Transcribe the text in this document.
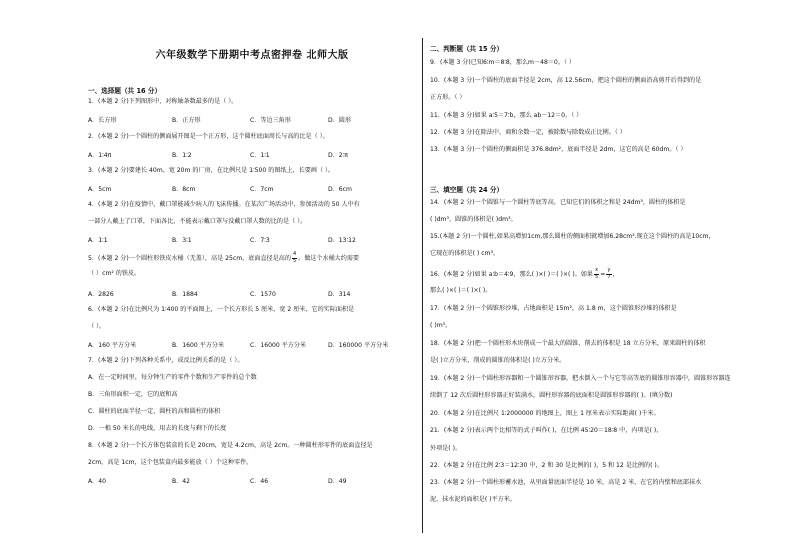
六年级数学下册期中考点密押卷 北师大版
一、选择题（共 16 分）
1．(本题 2 分)下列图形中，对称轴条数最多的是（ ）。
A．长方形	B．正方形	C．等边三角形	D．圆形
2．(本题 2 分)一个圆柱的侧面展开图是一个正方形，这个圆柱底面周长与高的比是（ ）。
A．1∶4π	B．1∶2	C．1∶1	D．2∶π
3．(本题 2 分)要建长 40m、宽 20m 的厂房，在比例尺是 1∶500 的图纸上，长要画（ ）。
A．5cm	B．8cm	C．7cm	D．6cm
4．(本题 2 分)在疫情中，戴口罩能减少病人的飞沫传播。在某次广场活动中，参加活动的 50 人中有
一部分人戴上了口罩，下面各比，不能表示戴口罩与没戴口罩人数的比的是（ ）。
A．1∶1	B．3∶1	C．7∶3	D．13∶12
5．(本题 2 分)一个圆柱形铁皮水桶（无盖），高是 25cm，底面直径是高的 $\frac{4}{5}$ 。做这个水桶大约需要
（ ）cm² 的铁皮。
A．2826	B．1884	C．1570	D．314
6．(本题 2 分)在比例尺为 1∶400 的平面图上，一个长方形长 5 厘米，宽 2 厘米，它的实际面积是
（ ）。
A．160 平方分米	B．1600 平方分米	C．16000 平方分米	D．160000 平方分米
7．(本题 2 分)下列各种关系中，成反比例关系的是（ ）。
A．在一定时间里，每分钟生产的零件个数和生产零件的总个数
B．三角形面积一定，它的底和高
C．圆柱的底面半径一定，圆柱的高和圆柱的体积
D．一根 50 米长的电线，用去的长度与剩下的长度
8．(本题 2 分)一个长方体包装盒的长是 20cm，宽是 4.2cm，高是 2cm。一种圆柱形零件的底面直径是
2cm，高是 1cm，这个包装盒内最多能放（ ）个这种零件。
A．40	B．42	C．46	D．49
二、判断题（共 15 分）
9．(本题 3 分)已知6∶m＝8∶8，那么m－48＝0。（ ）
10．(本题 3 分)一个圆柱的底面半径是 2cm，高 12.56cm，把这个圆柱的侧面沿高剪开后得到的是
正方形。（ ）
11．(本题 3 分)如果 a∶5＝7∶b，那么 ab－12＝0。（ ）
12．(本题 3 分)在除法中，商和余数一定，被除数与除数成正比例。（ ）
13．(本题 3 分)一个圆柱的侧面积是 376.8dm²，底面半径是 2dm，这它的高是 60dm。（ ）
三、填空题（共 24 分）
14．(本题 2 分)一个圆锥与一个圆柱等底等高，已知它们的体积之和是 24dm³，圆柱的体积是
( )dm³，圆锥的体积是( )dm³。
15.(本题 2 分)一个圆柱,如果高增加1cm,那么圆柱的侧面积就增加6.28cm².现在这个圆柱的高是10cm，
它现在的体积是( ) cm³。
16．(本题 2 分)如果 a∶b＝4∶9，那么( )×( )＝( )×( )。如果 $\frac{x}{5} = \frac{y}{7}$ ，
那么( )×( )＝( )×( )。
17．(本题 2 分)一个圆锥形沙堆，占地面积是 15m²，高 1.8 m，这个圆锥形沙堆的体积是
( )m³。
18．(本题 2 分)把一个圆柱形木块削成一个最大的圆锥，削去的体积是 18 立方分米，原来圆柱的体积
是( )立方分米，削成的圆锥的体积是( )立方分米。
19．(本题 2 分)一个圆柱形容器和一个圆锥形容器，把水倒入一个与它等高等底的圆锥形容器中，圆锥形容器连
续倒了 12 次后圆柱形容器正好装满水，圆柱形容器的底面积是圆锥形容器的( )。(填分数)
20．(本题 2 分)在比例尺 1∶2000000 的地图上，图上 1 厘米表示实际距离( )千米。
21．(本题 2 分)表示两个比相等的式子叫作( )，在比例 45∶20＝18∶8 中，内项是( )，
外项是( )。
22．(本题 2 分)在比例 2∶3＝12∶30 中，2 和 30 是比例的( )，5 和 12 是比例的( )。
23．(本题 2 分)一个圆柱形蓄水池，从里面量底面半径是 10 米，高是 2 米，在它的内壁和底部抹水
泥，抹水泥的面积是( )平方米。
